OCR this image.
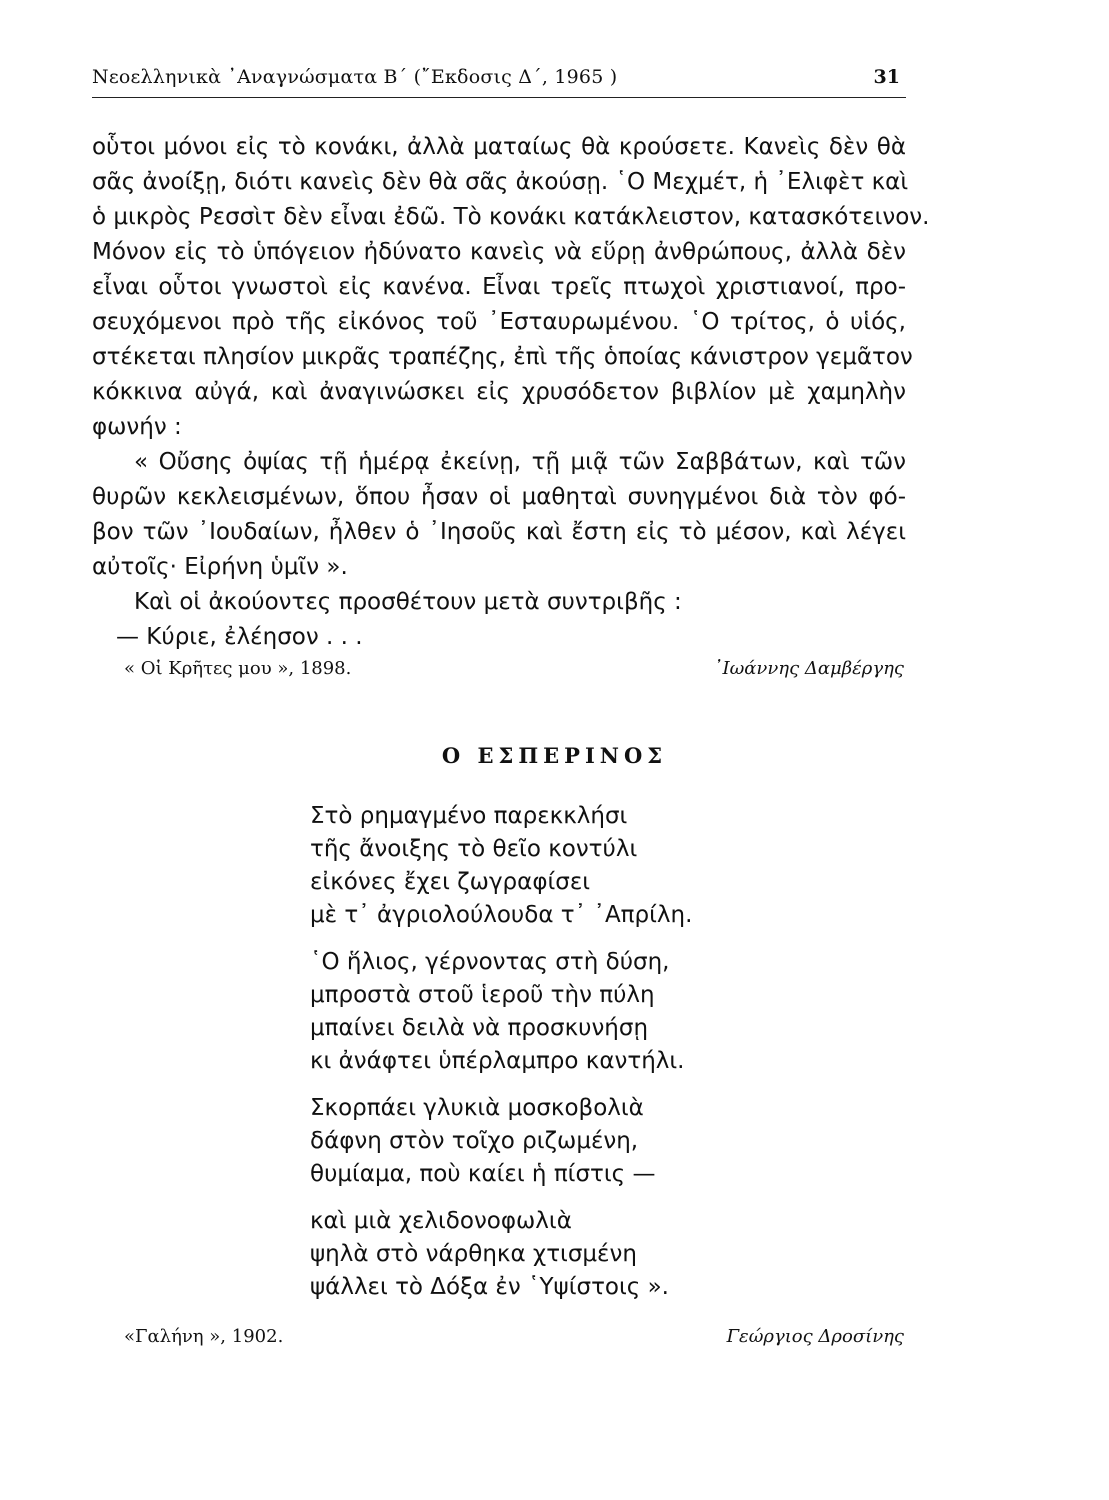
Νεοελληνικὰ ᾿Αναγνώσματα Β΄ (῎Εκδοσις Δ΄, 1965 )	31
οὗτοι μόνοι εἰς τὸ κονάκι, ἀλλὰ ματαίως θὰ κρούσετε. Κανεὶς δὲν θὰ
σᾶς ἀνοίξῃ, διότι κανεὶς δὲν θὰ σᾶς ἀκούσῃ. ῾Ο Μεχμέτ, ἡ ᾿Ελιφὲτ καὶ
ὁ μικρὸς Ρεσσὶτ δὲν εἶναι ἐδῶ. Τὸ κονάκι κατάκλειστον, κατασκότεινον.
Μόνον εἰς τὸ ὑπόγειον ἠδύνατο κανεὶς νὰ εὕρῃ ἀνθρώπους, ἀλλὰ δὲν
εἶναι οὗτοι γνωστοὶ εἰς κανένα. Εἶναι τρεῖς πτωχοὶ χριστιανοί, προ-
σευχόμενοι πρὸ τῆς εἰκόνος τοῦ ᾿Εσταυρωμένου. ῾Ο τρίτος, ὁ υἱός,
στέκεται πλησίον μικρᾶς τραπέζης, ἐπὶ τῆς ὁποίας κάνιστρον γεμᾶτον
κόκκινα αὐγά, καὶ ἀναγινώσκει εἰς χρυσόδετον βιβλίον μὲ χαμηλὴν
φωνήν :
« Οὔσης ὀψίας τῇ ἡμέρᾳ ἐκείνῃ, τῇ μιᾷ τῶν Σαββάτων, καὶ τῶν
θυρῶν κεκλεισμένων, ὅπου ἦσαν οἱ μαθηταὶ συνηγμένοι διὰ τὸν φό-
βον τῶν ᾿Ιουδαίων, ἦλθεν ὁ ᾿Ιησοῦς καὶ ἔστη εἰς τὸ μέσον, καὶ λέγει
αὐτοῖς· Εἰρήνη ὑμῖν ».
Καὶ οἱ ἀκούοντες προσθέτουν μετὰ συντριβῆς :
— Κύριε, ἐλέησον . . .
« Οἱ Κρῆτες μου », 1898.	᾿Ιωάννης Δαμβέργης
Ο ΕΣΠΕΡΙΝΟΣ
Στὸ ρημαγμένο παρεκκλήσι
τῆς ἄνοιξης τὸ θεῖο κοντύλι
εἰκόνες ἔχει ζωγραφίσει
μὲ τ᾿ ἀγριολούλουδα τ᾿ ᾿Απρίλη.
῾Ο ἥλιος, γέρνοντας στὴ δύση,
μπροστὰ στοῦ ἱεροῦ τὴν πύλη
μπαίνει δειλὰ νὰ προσκυνήσῃ
κι ἀνάφτει ὑπέρλαμπρο καντήλι.
Σκορπάει γλυκιὰ μοσκοβολιὰ
δάφνη στὸν τοῖχο ριζωμένη,
θυμίαμα, ποὺ καίει ἡ πίστις —
καὶ μιὰ χελιδονοφωλιὰ
ψηλὰ στὸ νάρθηκα χτισμένη
ψάλλει τὸ Δόξα ἐν ῾Υψίστοις ».
«Γαλήνη », 1902.	Γεώργιος Δροσίνης
